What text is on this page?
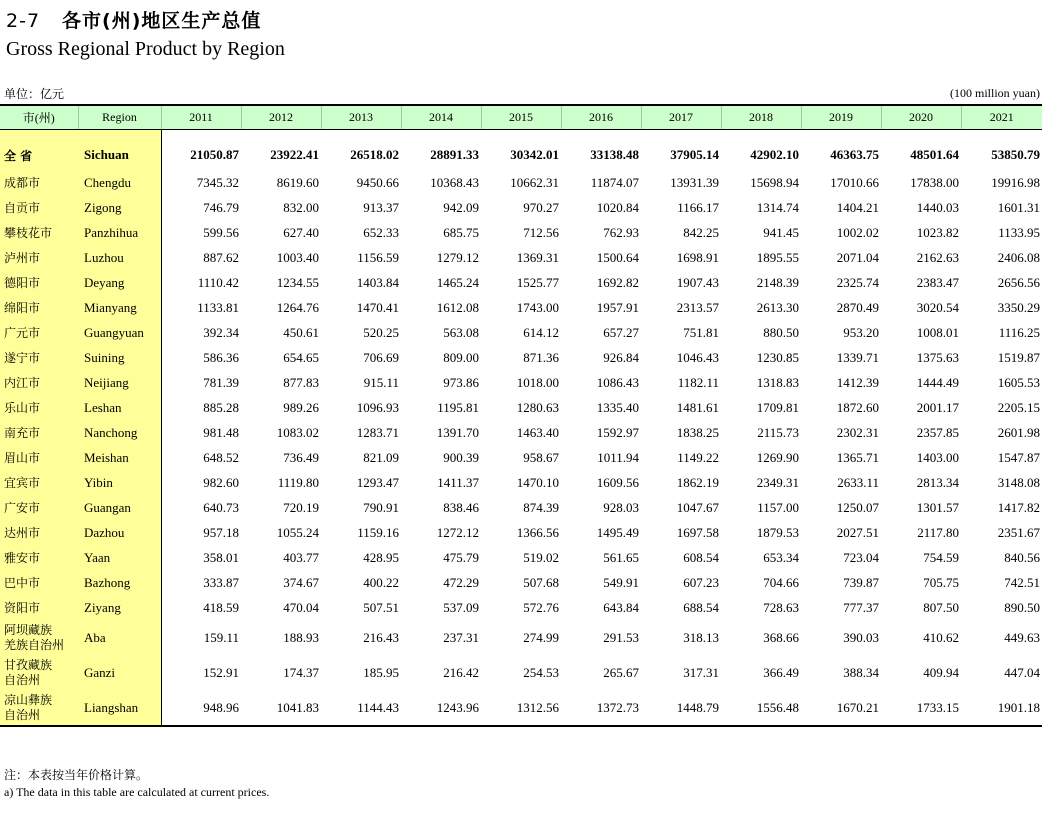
2-7 各市(州)地区生产总值
Gross Regional Product by Region
单位：亿元	(100 million yuan)
市(州)	Region	2011	2012	2013	2014	2015	2016	2017	2018	2019	2020	2021
全 省	Sichuan	21050.87	23922.41	26518.02	28891.33	30342.01	33138.48	37905.14	42902.10	46363.75	48501.64	53850.79
成都市	Chengdu	7345.32	8619.60	9450.66	10368.43	10662.31	11874.07	13931.39	15698.94	17010.66	17838.00	19916.98
自贡市	Zigong	746.79	832.00	913.37	942.09	970.27	1020.84	1166.17	1314.74	1404.21	1440.03	1601.31
攀枝花市	Panzhihua	599.56	627.40	652.33	685.75	712.56	762.93	842.25	941.45	1002.02	1023.82	1133.95
泸州市	Luzhou	887.62	1003.40	1156.59	1279.12	1369.31	1500.64	1698.91	1895.55	2071.04	2162.63	2406.08
德阳市	Deyang	1110.42	1234.55	1403.84	1465.24	1525.77	1692.82	1907.43	2148.39	2325.74	2383.47	2656.56
绵阳市	Mianyang	1133.81	1264.76	1470.41	1612.08	1743.00	1957.91	2313.57	2613.30	2870.49	3020.54	3350.29
广元市	Guangyuan	392.34	450.61	520.25	563.08	614.12	657.27	751.81	880.50	953.20	1008.01	1116.25
遂宁市	Suining	586.36	654.65	706.69	809.00	871.36	926.84	1046.43	1230.85	1339.71	1375.63	1519.87
内江市	Neijiang	781.39	877.83	915.11	973.86	1018.00	1086.43	1182.11	1318.83	1412.39	1444.49	1605.53
乐山市	Leshan	885.28	989.26	1096.93	1195.81	1280.63	1335.40	1481.61	1709.81	1872.60	2001.17	2205.15
南充市	Nanchong	981.48	1083.02	1283.71	1391.70	1463.40	1592.97	1838.25	2115.73	2302.31	2357.85	2601.98
眉山市	Meishan	648.52	736.49	821.09	900.39	958.67	1011.94	1149.22	1269.90	1365.71	1403.00	1547.87
宜宾市	Yibin	982.60	1119.80	1293.47	1411.37	1470.10	1609.56	1862.19	2349.31	2633.11	2813.34	3148.08
广安市	Guangan	640.73	720.19	790.91	838.46	874.39	928.03	1047.67	1157.00	1250.07	1301.57	1417.82
达州市	Dazhou	957.18	1055.24	1159.16	1272.12	1366.56	1495.49	1697.58	1879.53	2027.51	2117.80	2351.67
雅安市	Yaan	358.01	403.77	428.95	475.79	519.02	561.65	608.54	653.34	723.04	754.59	840.56
巴中市	Bazhong	333.87	374.67	400.22	472.29	507.68	549.91	607.23	704.66	739.87	705.75	742.51
资阳市	Ziyang	418.59	470.04	507.51	537.09	572.76	643.84	688.54	728.63	777.37	807.50	890.50

阿坝藏族
羌族自治州	Aba	159.11	188.93	216.43	237.31	274.99	291.53	318.13	368.66	390.03	410.62	449.63

甘孜藏族
自治州	Ganzi	152.91	174.37	185.95	216.42	254.53	265.67	317.31	366.49	388.34	409.94	447.04

凉山彝族
自治州	Liangshan	948.96	1041.83	1144.43	1243.96	1312.56	1372.73	1448.79	1556.48	1670.21	1733.15	1901.18
注：本表按当年价格计算。
a) The data in this table are calculated at current prices.
